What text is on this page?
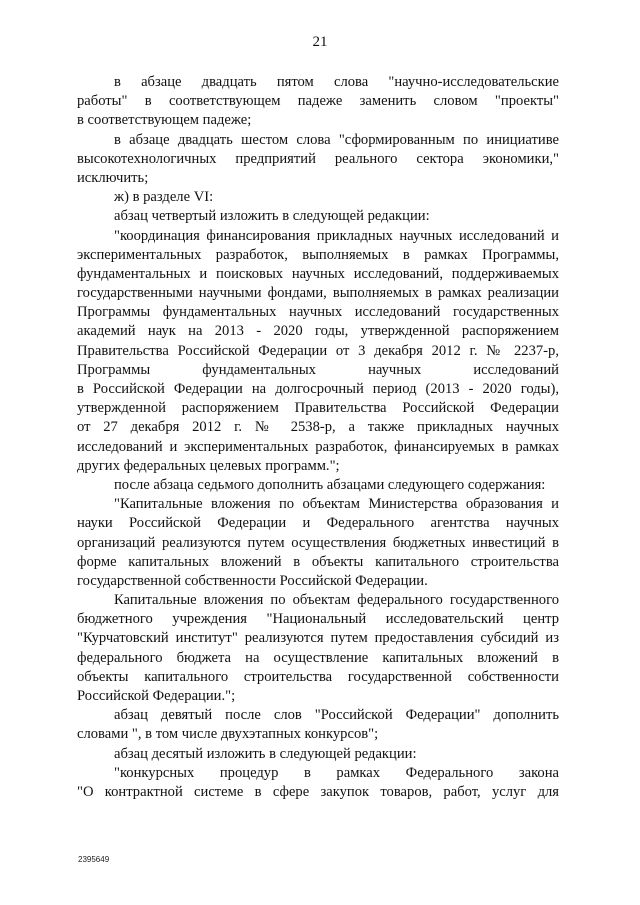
21
в абзаце двадцать пятом слова "научно-исследовательские
работы" в соответствующем падеже заменить словом "проекты"
в соответствующем падеже;
в абзаце двадцать шестом слова "сформированным по инициативе
высокотехнологичных предприятий реального сектора экономики,"
исключить;
ж) в разделе VI:
абзац четвертый изложить в следующей редакции:
"координация финансирования прикладных научных исследований и
экспериментальных разработок, выполняемых в рамках Программы,
фундаментальных и поисковых научных исследований, поддерживаемых
государственными научными фондами, выполняемых в рамках реализации
Программы фундаментальных научных исследований государственных
академий наук на 2013 - 2020 годы, утвержденной распоряжением
Правительства Российской Федерации от 3 декабря 2012 г. № 2237-р,
Программы фундаментальных научных исследований
в Российской Федерации на долгосрочный период (2013 - 2020 годы),
утвержденной распоряжением Правительства Российской Федерации
от 27 декабря 2012 г. № 2538-р, а также прикладных научных
исследований и экспериментальных разработок, финансируемых в рамках
других федеральных целевых программ.";
после абзаца седьмого дополнить абзацами следующего содержания:
"Капитальные вложения по объектам Министерства образования и
науки Российской Федерации и Федерального агентства научных
организаций реализуются путем осуществления бюджетных инвестиций в
форме капитальных вложений в объекты капитального строительства
государственной собственности Российской Федерации.
Капитальные вложения по объектам федерального государственного
бюджетного учреждения "Национальный исследовательский центр
"Курчатовский институт" реализуются путем предоставления субсидий из
федерального бюджета на осуществление капитальных вложений в
объекты капитального строительства государственной собственности
Российской Федерации.";
абзац девятый после слов "Российской Федерации" дополнить
словами ", в том числе двухэтапных конкурсов";
абзац десятый изложить в следующей редакции:
"конкурсных процедур в рамках Федерального закона
"О контрактной системе в сфере закупок товаров, работ, услуг для
2395649
